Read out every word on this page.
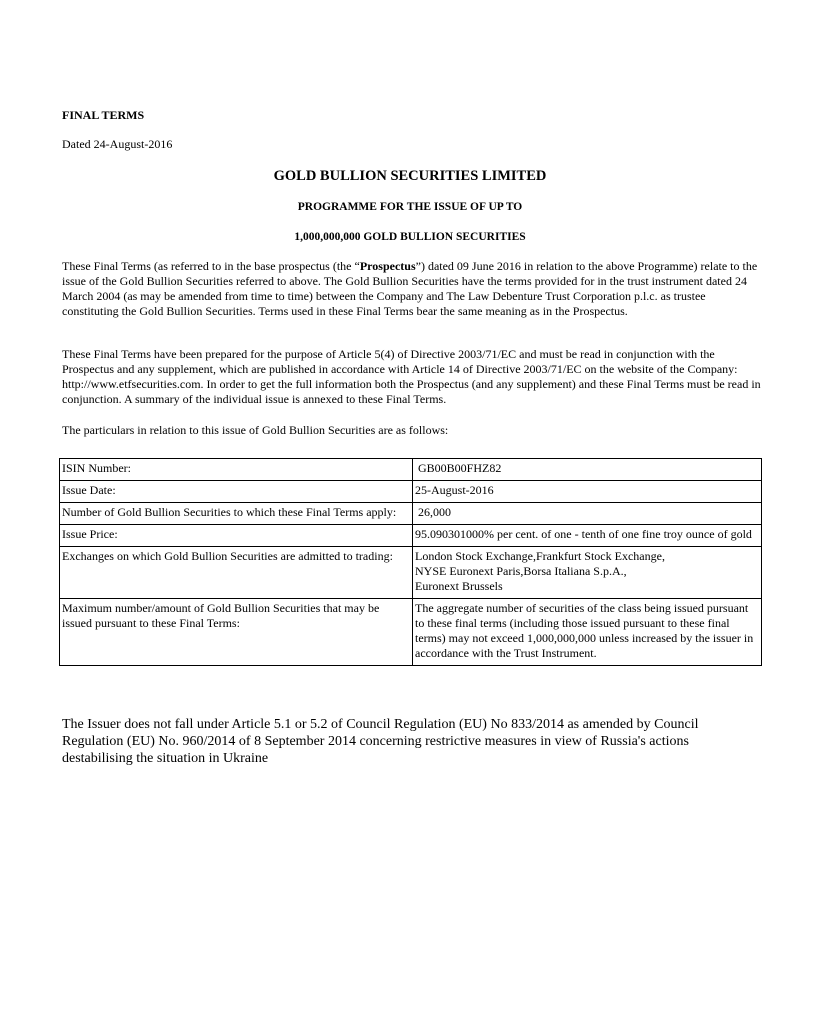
FINAL TERMS
Dated 24-August-2016
GOLD BULLION SECURITIES LIMITED
PROGRAMME FOR THE ISSUE OF UP TO
1,000,000,000 GOLD BULLION SECURITIES

These Final Terms (as referred to in the base prospectus (the “Prospectus”) dated 09 June 2016 in relation to the above Programme) relate to the issue of the Gold Bullion Securities referred to above. The Gold Bullion Securities have the terms provided for in the trust instrument dated 24 March 2004 (as may be amended from time to time) between the Company and The Law Debenture Trust Corporation p.l.c. as trustee constituting the Gold Bullion Securities. Terms used in these Final Terms bear the same meaning as in the Prospectus.

These Final Terms have been prepared for the purpose of Article 5(4) of Directive 2003/71/EC and must be read in conjunction with the Prospectus and any supplement, which are published in accordance with Article 14 of Directive 2003/71/EC on the website of the Company: http://www.etfsecurities.com. In order to get the full information both the Prospectus (and any supplement) and these Final Terms must be read in conjunction. A summary of the individual issue is annexed to these Final Terms.

The particulars in relation to this issue of Gold Bullion Securities are as follows:

ISIN Number:	GB00B00FHZ82
Issue Date:	25-August-2016
Number of Gold Bullion Securities to which these Final Terms apply:	26,000
Issue Price:	95.090301000% per cent. of one - tenth of one fine troy ounce of gold
Exchanges on which Gold Bullion Securities are admitted to trading:	London Stock Exchange,Frankfurt Stock Exchange,
NYSE Euronext Paris,Borsa Italiana S.p.A.,
Euronext Brussels

Maximum number/amount of Gold Bullion Securities that may be issued pursuant to these Final Terms:	The aggregate number of securities of the class being issued pursuant to these final terms (including those issued pursuant to these final terms) may not exceed 1,000,000,000 unless increased by the issuer in accordance with the Trust Instrument.

The Issuer does not fall under Article 5.1 or 5.2 of Council Regulation (EU) No 833/2014 as amended by Council Regulation (EU) No. 960/2014 of 8 September 2014 concerning restrictive measures in view of Russia's actions destabilising the situation in Ukraine
